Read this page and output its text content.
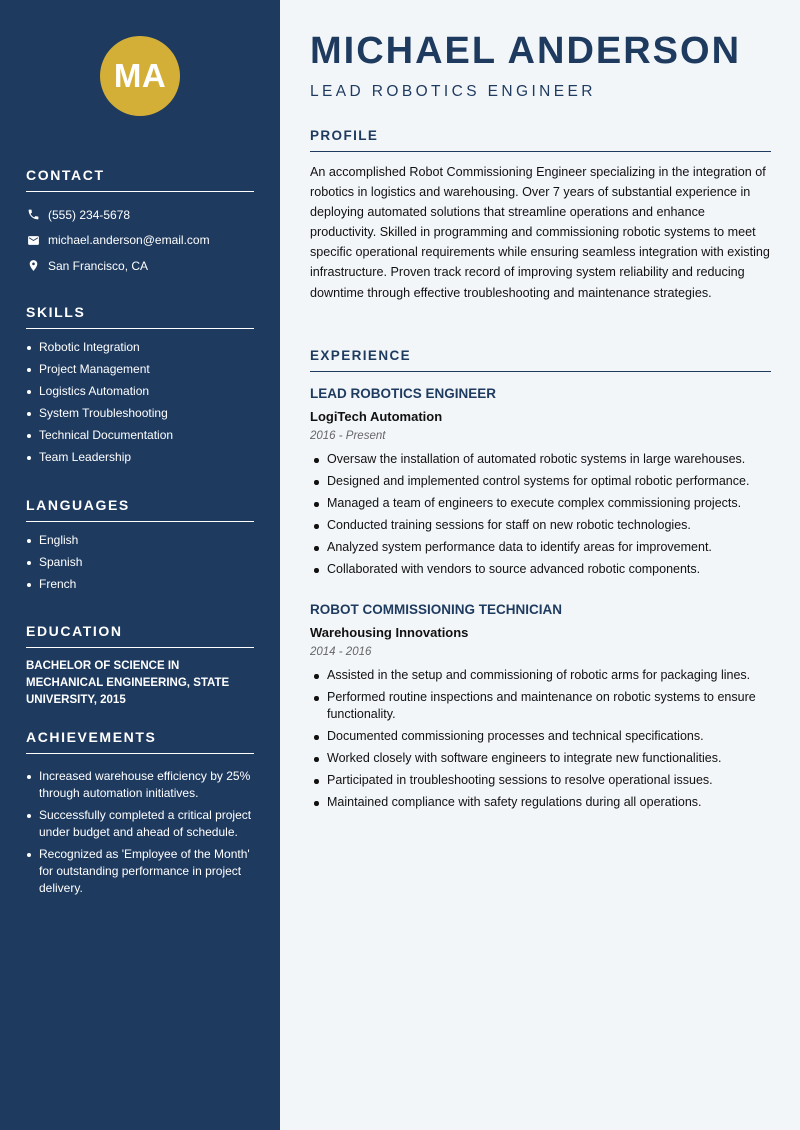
MA
CONTACT
(555) 234-5678
michael.anderson@email.com
San Francisco, CA
SKILLS
Robotic Integration
Project Management
Logistics Automation
System Troubleshooting
Technical Documentation
Team Leadership
LANGUAGES
English
Spanish
French
EDUCATION
BACHELOR OF SCIENCE IN MECHANICAL ENGINEERING, STATE UNIVERSITY, 2015
ACHIEVEMENTS
Increased warehouse efficiency by 25% through automation initiatives.
Successfully completed a critical project under budget and ahead of schedule.
Recognized as 'Employee of the Month' for outstanding performance in project delivery.
MICHAEL ANDERSON
LEAD ROBOTICS ENGINEER
PROFILE
An accomplished Robot Commissioning Engineer specializing in the integration of robotics in logistics and warehousing. Over 7 years of substantial experience in deploying automated solutions that streamline operations and enhance productivity. Skilled in programming and commissioning robotic systems to meet specific operational requirements while ensuring seamless integration with existing infrastructure. Proven track record of improving system reliability and reducing downtime through effective troubleshooting and maintenance strategies.
EXPERIENCE
LEAD ROBOTICS ENGINEER
LogiTech Automation
2016 - Present
Oversaw the installation of automated robotic systems in large warehouses.
Designed and implemented control systems for optimal robotic performance.
Managed a team of engineers to execute complex commissioning projects.
Conducted training sessions for staff on new robotic technologies.
Analyzed system performance data to identify areas for improvement.
Collaborated with vendors to source advanced robotic components.
ROBOT COMMISSIONING TECHNICIAN
Warehousing Innovations
2014 - 2016
Assisted in the setup and commissioning of robotic arms for packaging lines.
Performed routine inspections and maintenance on robotic systems to ensure functionality.
Documented commissioning processes and technical specifications.
Worked closely with software engineers to integrate new functionalities.
Participated in troubleshooting sessions to resolve operational issues.
Maintained compliance with safety regulations during all operations.
